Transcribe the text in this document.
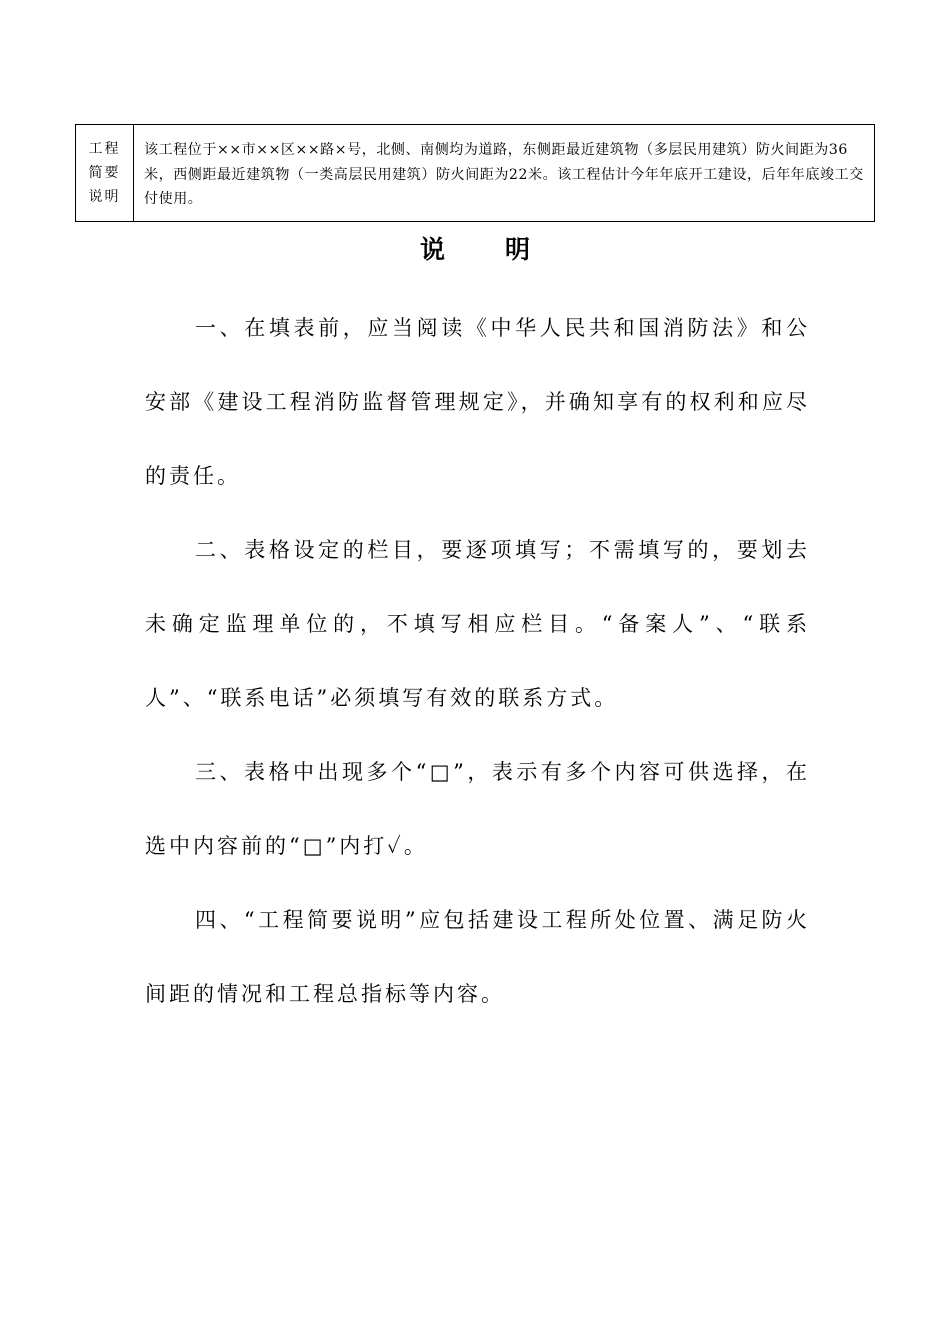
工程
简要
说明
该工程位于××市××区××路×号，北侧、南侧均为道路，东侧距最近建筑物（多层民用建筑）防火间距为36米，西侧距最近建筑物（一类高层民用建筑）防火间距为22米。该工程估计今年年底开工建设，后年年底竣工交付使用。
说明

一、在填表前，应当阅读《中华人民共和国消防法》和公安部《建设工程消防监督管理规定》，并确知享有的权利和应尽的责任。

二、表格设定的栏目，要逐项填写；不需填写的，要划去未确定监理单位的，不填写相应栏目。“备案人”、“联系人”、“联系电话”必须填写有效的联系方式。

三、表格中出现多个“□”，表示有多个内容可供选择，在选中内容前的“□”内打✓。

四、“工程简要说明”应包括建设工程所处位置、满足防火间距的情况和工程总指标等内容。
